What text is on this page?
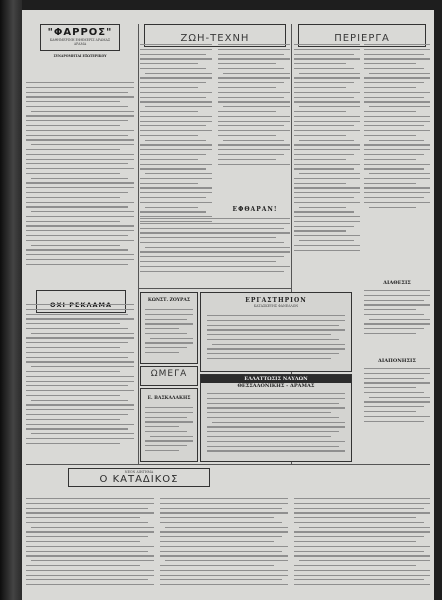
"ΦΑΡΡΟΣ"
ΚΑΘΗΜΕΡΙΝΗ ΕΦΗΜΕΡΙΣ ΔΡΑΜΑΣ
ΔΡΑΜΑ
ΣΥΝΔΡΟΜΗΤΑΙ ΕΞΩΤΕΡΙΚΟΥ
ΖΩΗ-ΤΕΧΝΗ
ΕΦΘΑΡΑΝ!
ΚΩΝΣΤ. ΖΟΥΡΑΣ
ΩΜΕΓΑ
Ε. ΒΑΣΚΑΛΑΚΗΣ
ΕΡΓΑΣΤΗΡΙΟΝ
ΚΑΤΑΣΚΕΥΗΣ ΦΑΝΕΛΛΩΝ
ΕΛΛΑΤΤΩΣΙΣ ΝΑΥΛΩΝ
ΘΕΣΣΑΛΟΝΙΚΗΣ - ΔΡΑΜΑΣ
ΠΕΡΙΕΡΓΑ
ΔΙΑΘΕΣΙΣ
ΔΙΑΠΟΝΗΣΙΣ
ΝΕΟΝ ΔΙΗΓΗΜΑ
Ο ΚΑΤΑΔΙΚΟΣ
